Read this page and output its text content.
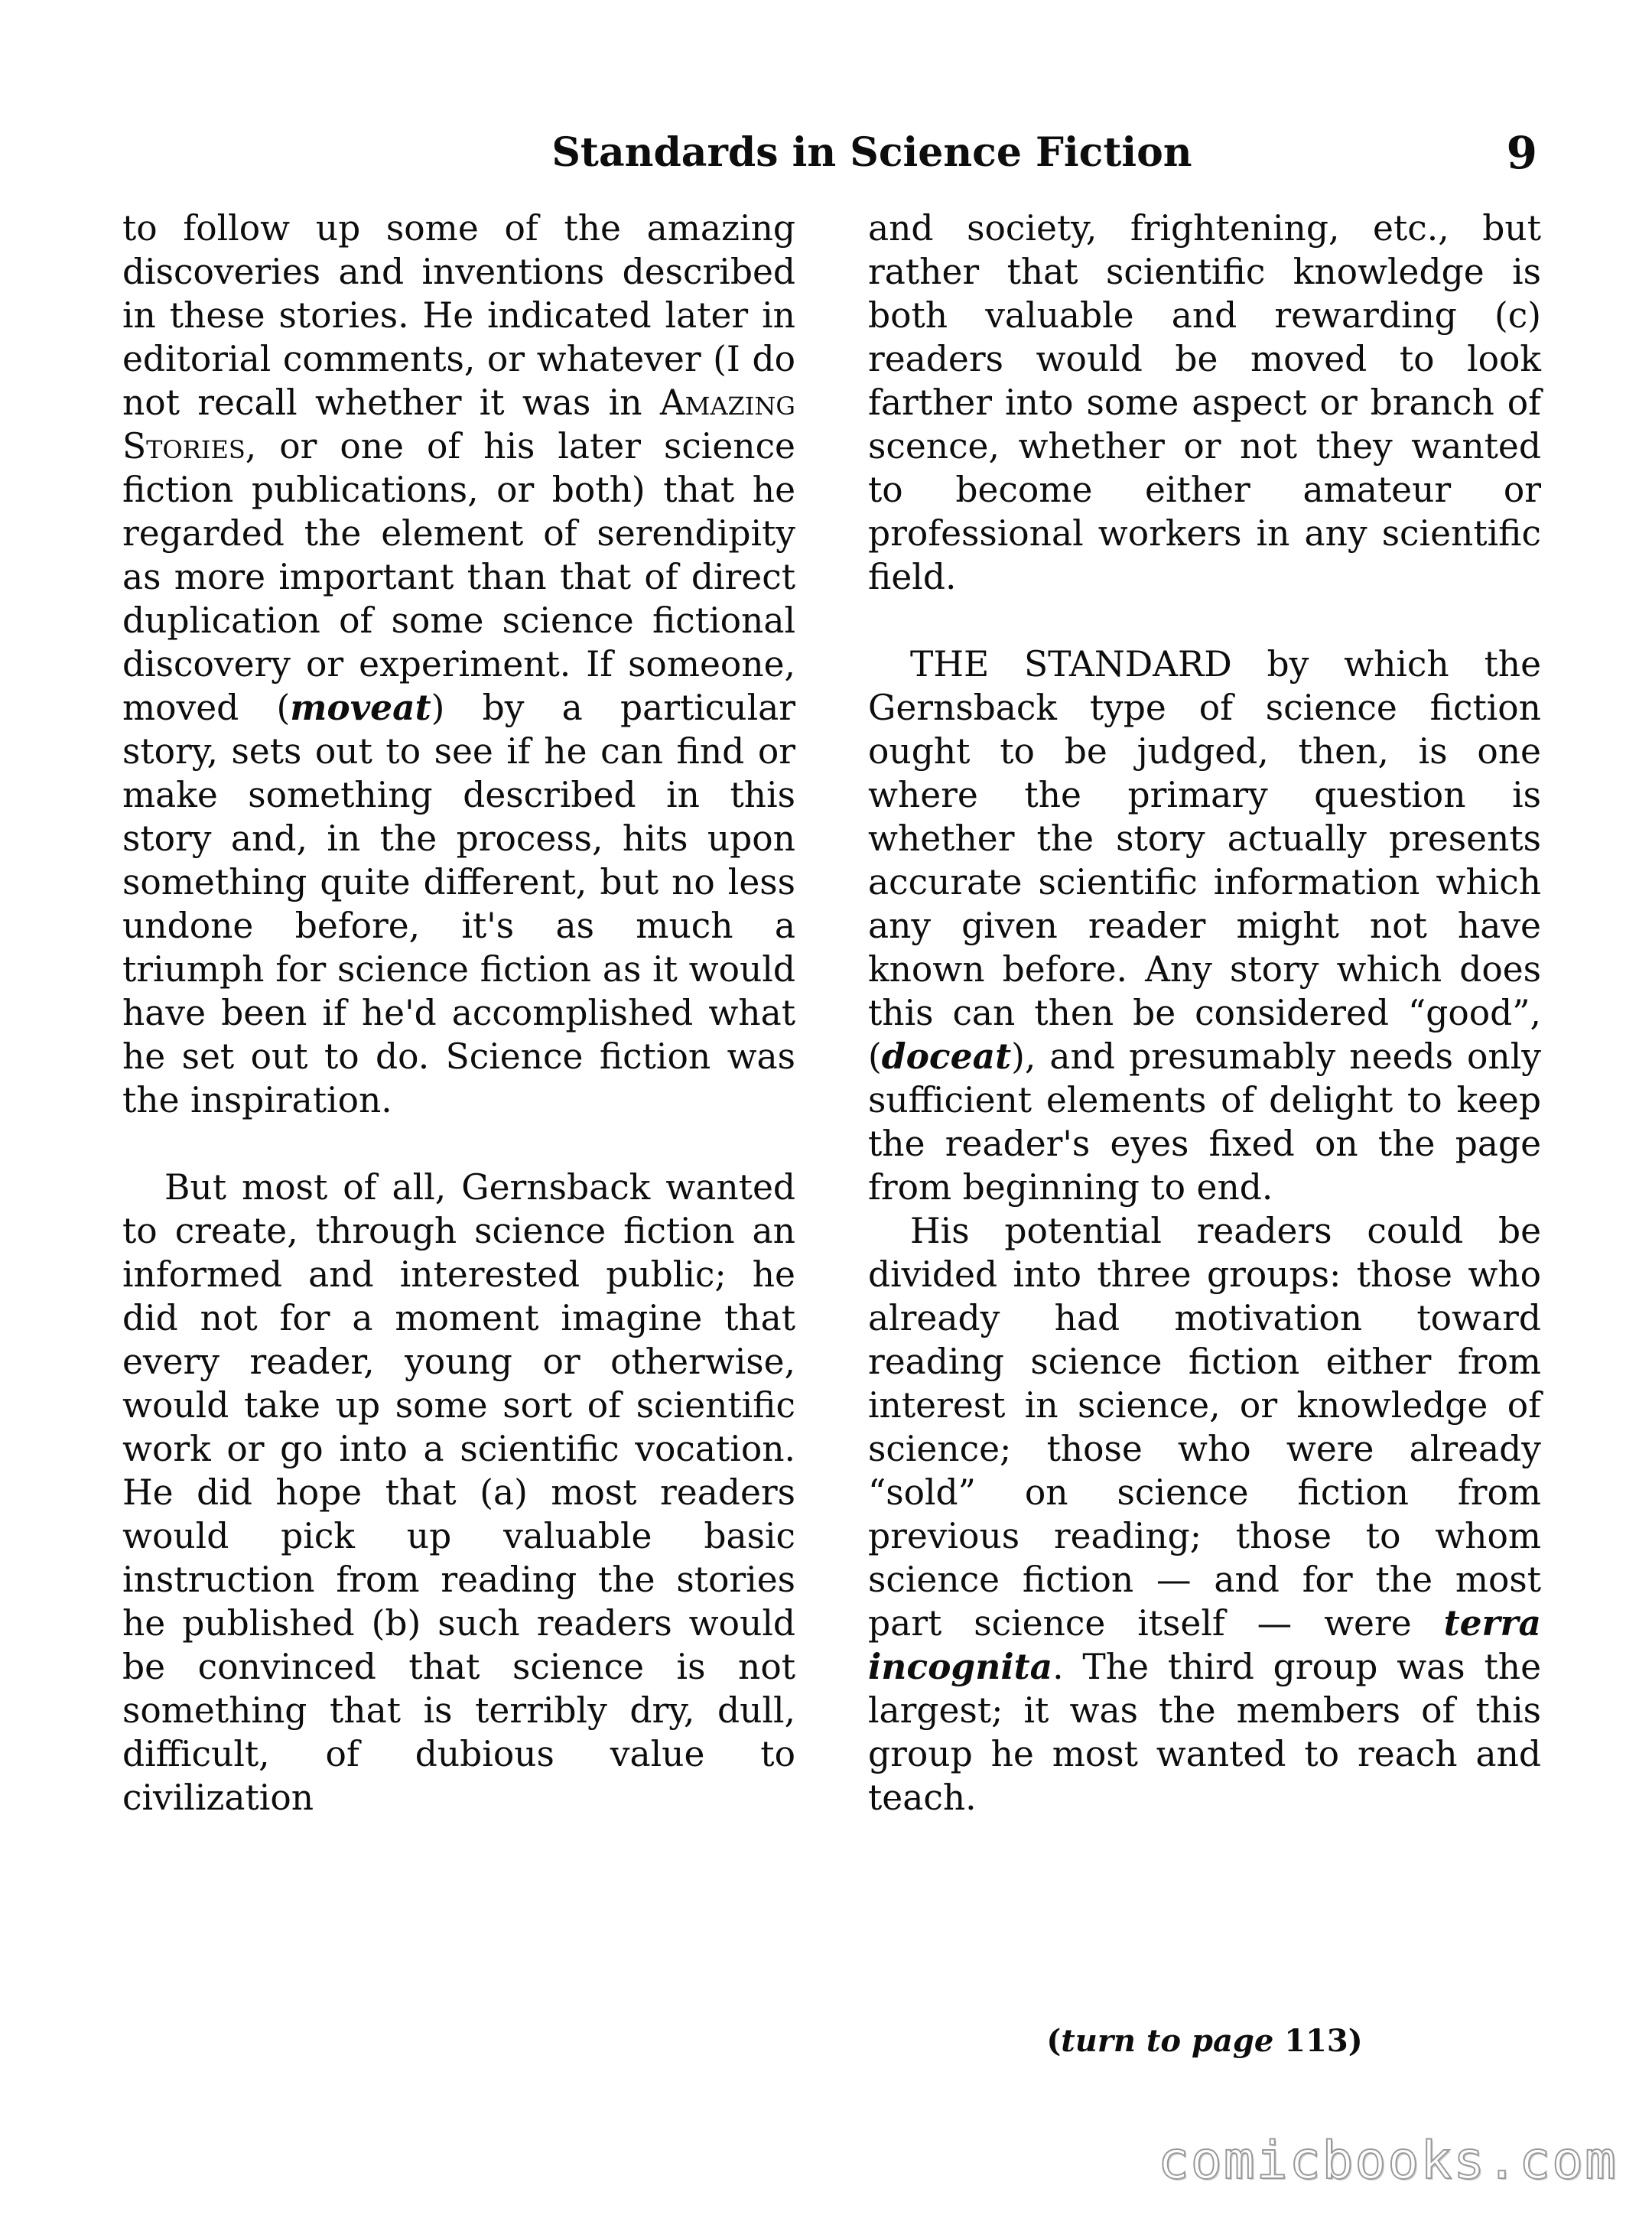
Standards in Science Fiction	9

to follow up some of the amazing discoveries and inventions described in these stories. He indicated later in editorial comments, or whatever (I do not recall whether it was in Amazing Stories, or one of his later science fiction publications, or both) that he regarded the element of serendipity as more important than that of direct duplication of some science fictional discovery or experiment. If someone, moved (moveat) by a particular story, sets out to see if he can find or make something described in this story and, in the process, hits upon something quite different, but no less undone before, it's as much a triumph for science fiction as it would have been if he'd accomplished what he set out to do. Science fiction was the inspiration.

But most of all, Gernsback wanted to create, through science fiction an informed and interested public; he did not for a moment imagine that every reader, young or otherwise, would take up some sort of scientific work or go into a scientific vocation. He did hope that (a) most readers would pick up valuable basic instruction from reading the stories he published (b) such readers would be convinced that science is not something that is terribly dry, dull, difficult, of dubious value to civilization

and society, frightening, etc., but rather that scientific knowledge is both valuable and rewarding (c) readers would be moved to look farther into some aspect or branch of scence, whether or not they wanted to become either amateur or professional workers in any scientific field.

THE STANDARD by which the Gernsback type of science fiction ought to be judged, then, is one where the primary question is whether the story actually presents accurate scientific information which any given reader might not have known before. Any story which does this can then be considered “good”, (doceat), and presumably needs only sufficient elements of delight to keep the reader's eyes fixed on the page from beginning to end.

His potential readers could be divided into three groups: those who already had motivation toward reading science fiction either from interest in science, or knowledge of science; those who were already “sold” on science fiction from previous reading; those to whom science fiction — and for the most part science itself — were terra incognita. The third group was the largest; it was the members of this group he most wanted to reach and teach.

(turn to page 113)
comicbooks.com
